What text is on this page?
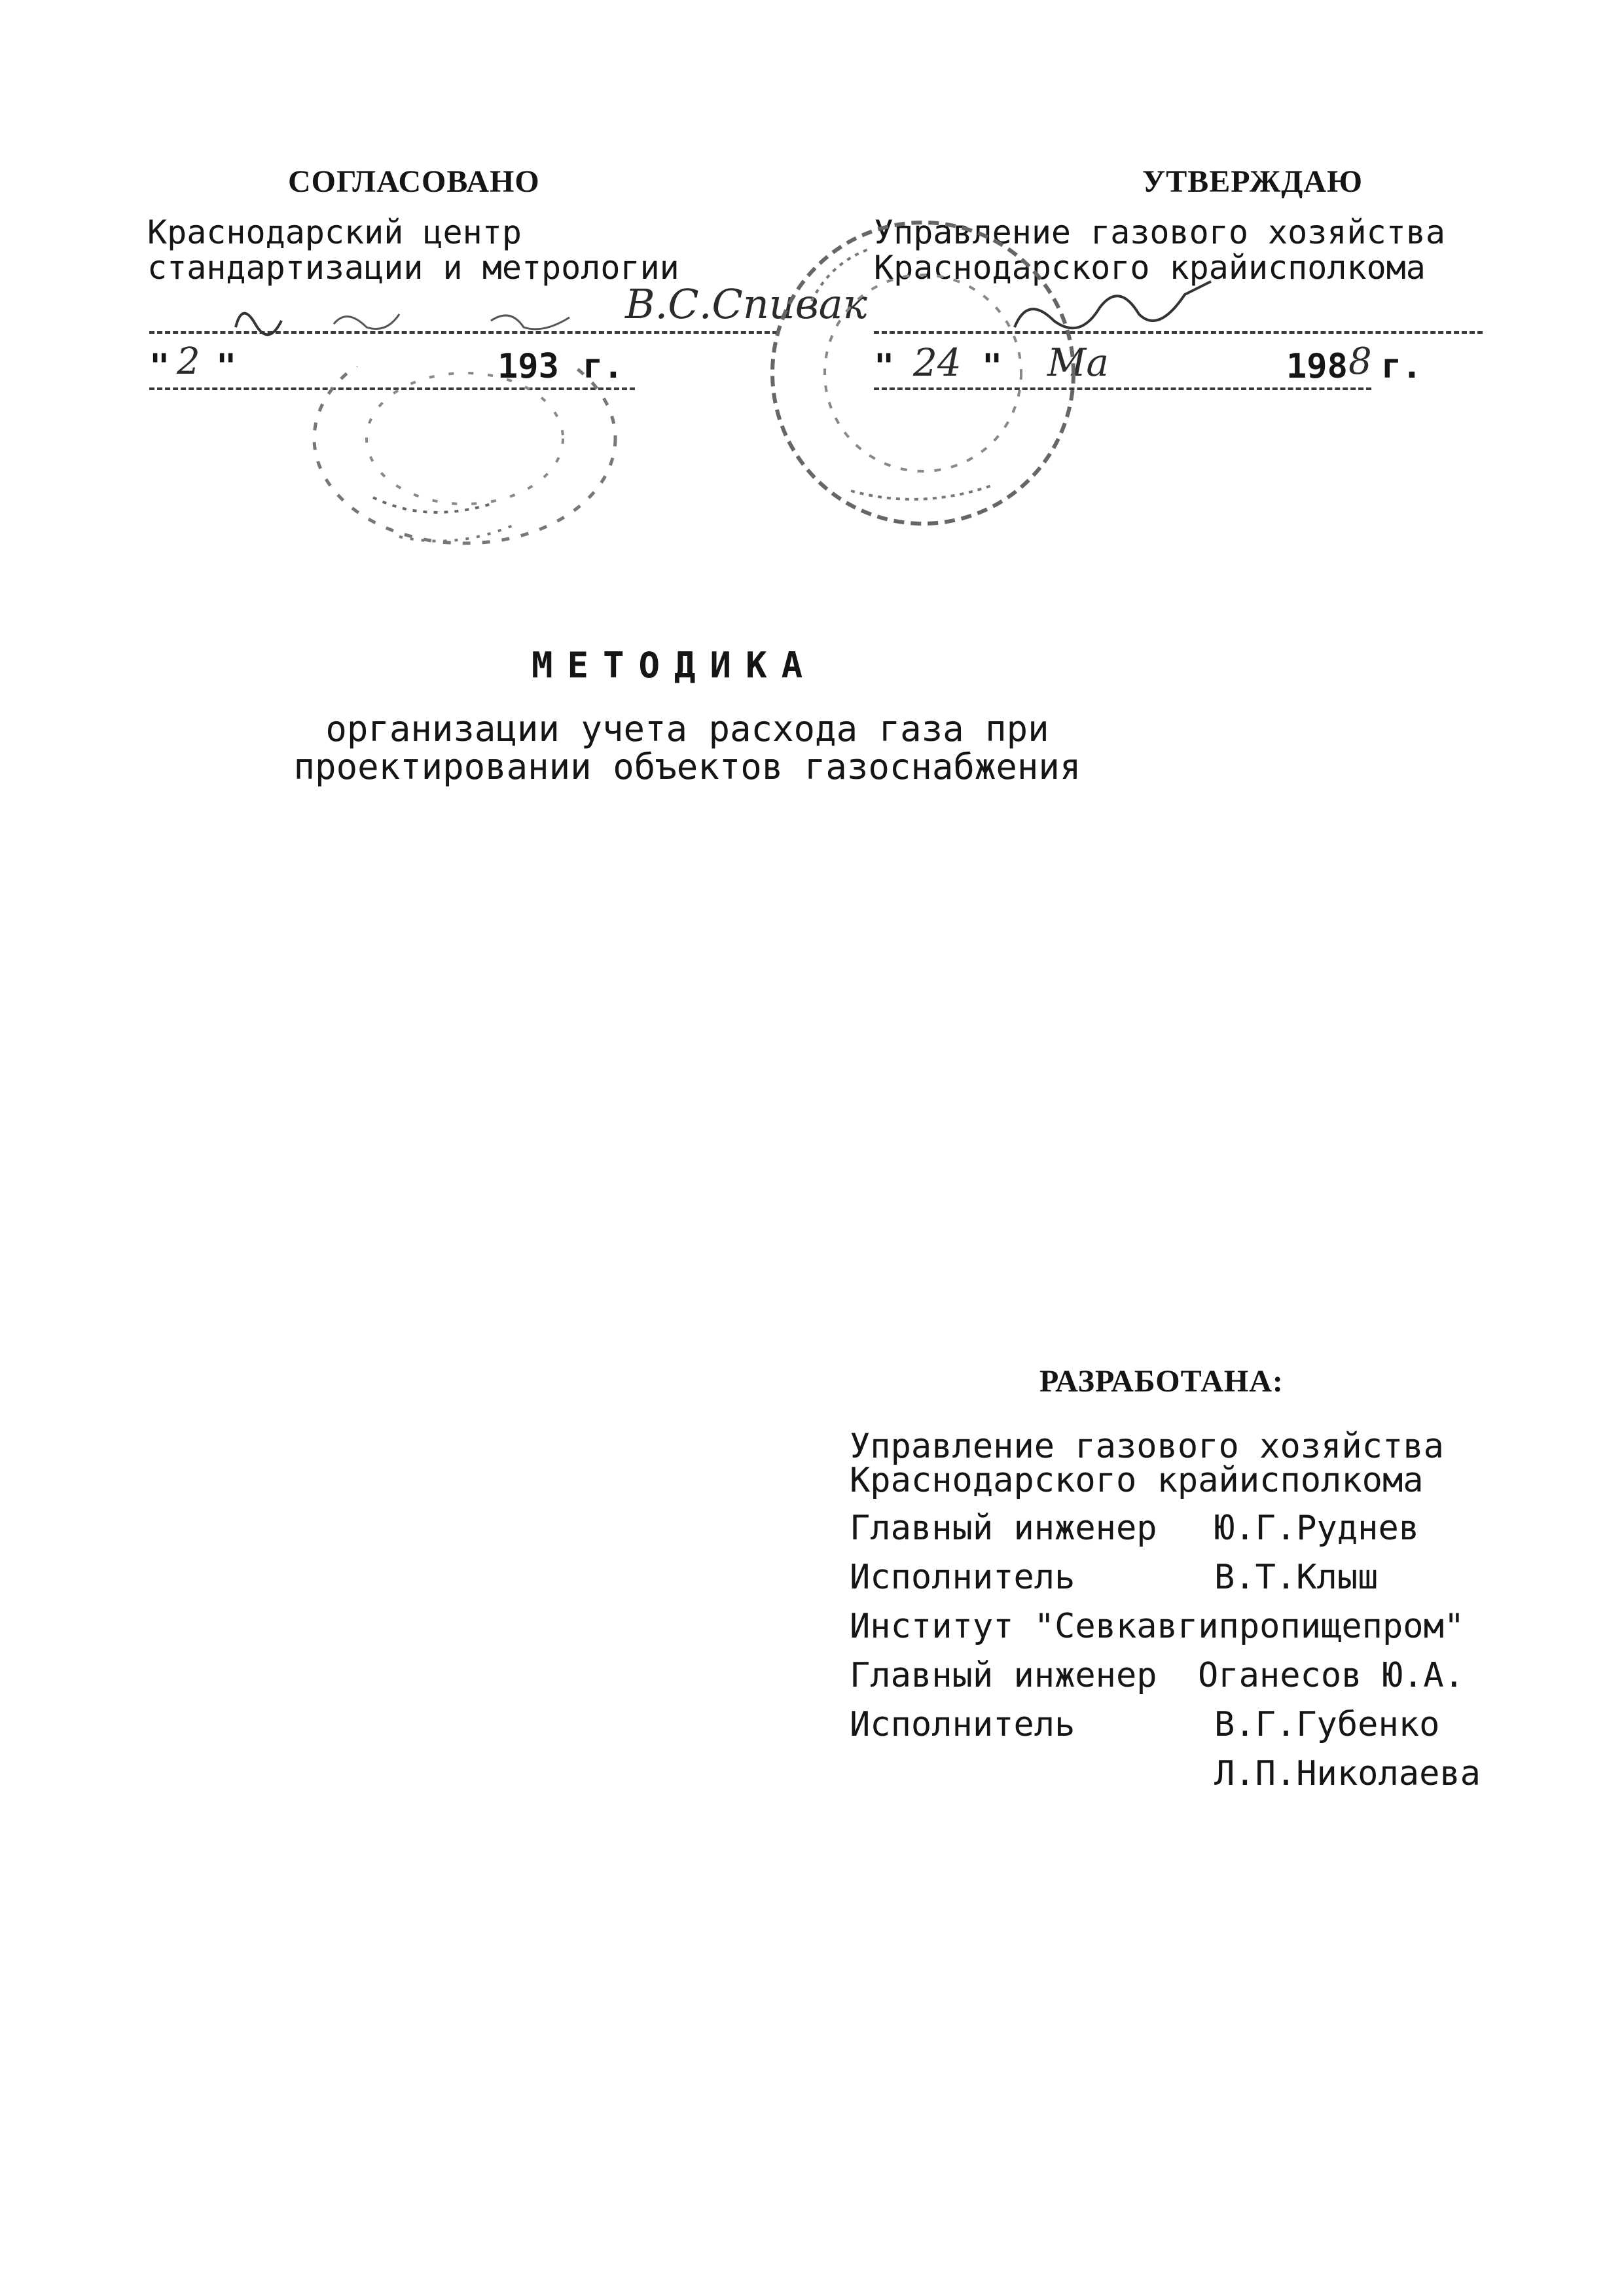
СОГЛАСОВАНО
Краснодарский центр
стандартизации и метрологии
В.С.Спивак
" 2 "	193 г.
УТВЕРЖДАЮ
Управление газового хозяйства
Краснодарского крайисполкома
" 24 " Ma	198 8 г.
МЕТОДИКА
организации учета расхода газа при
проектировании объектов газоснабжения
РАЗРАБОТАНА:
Управление газового хозяйства
Краснодарского крайисполкома
Главный инженер Ю.Г.Руднев
Исполнитель	В.Т.Клыш
Институт "Севкавгипропищепром"
Главный инженер Оганесов Ю.А.
Исполнитель	В.Г.Губенко
Л.П.Николаева
